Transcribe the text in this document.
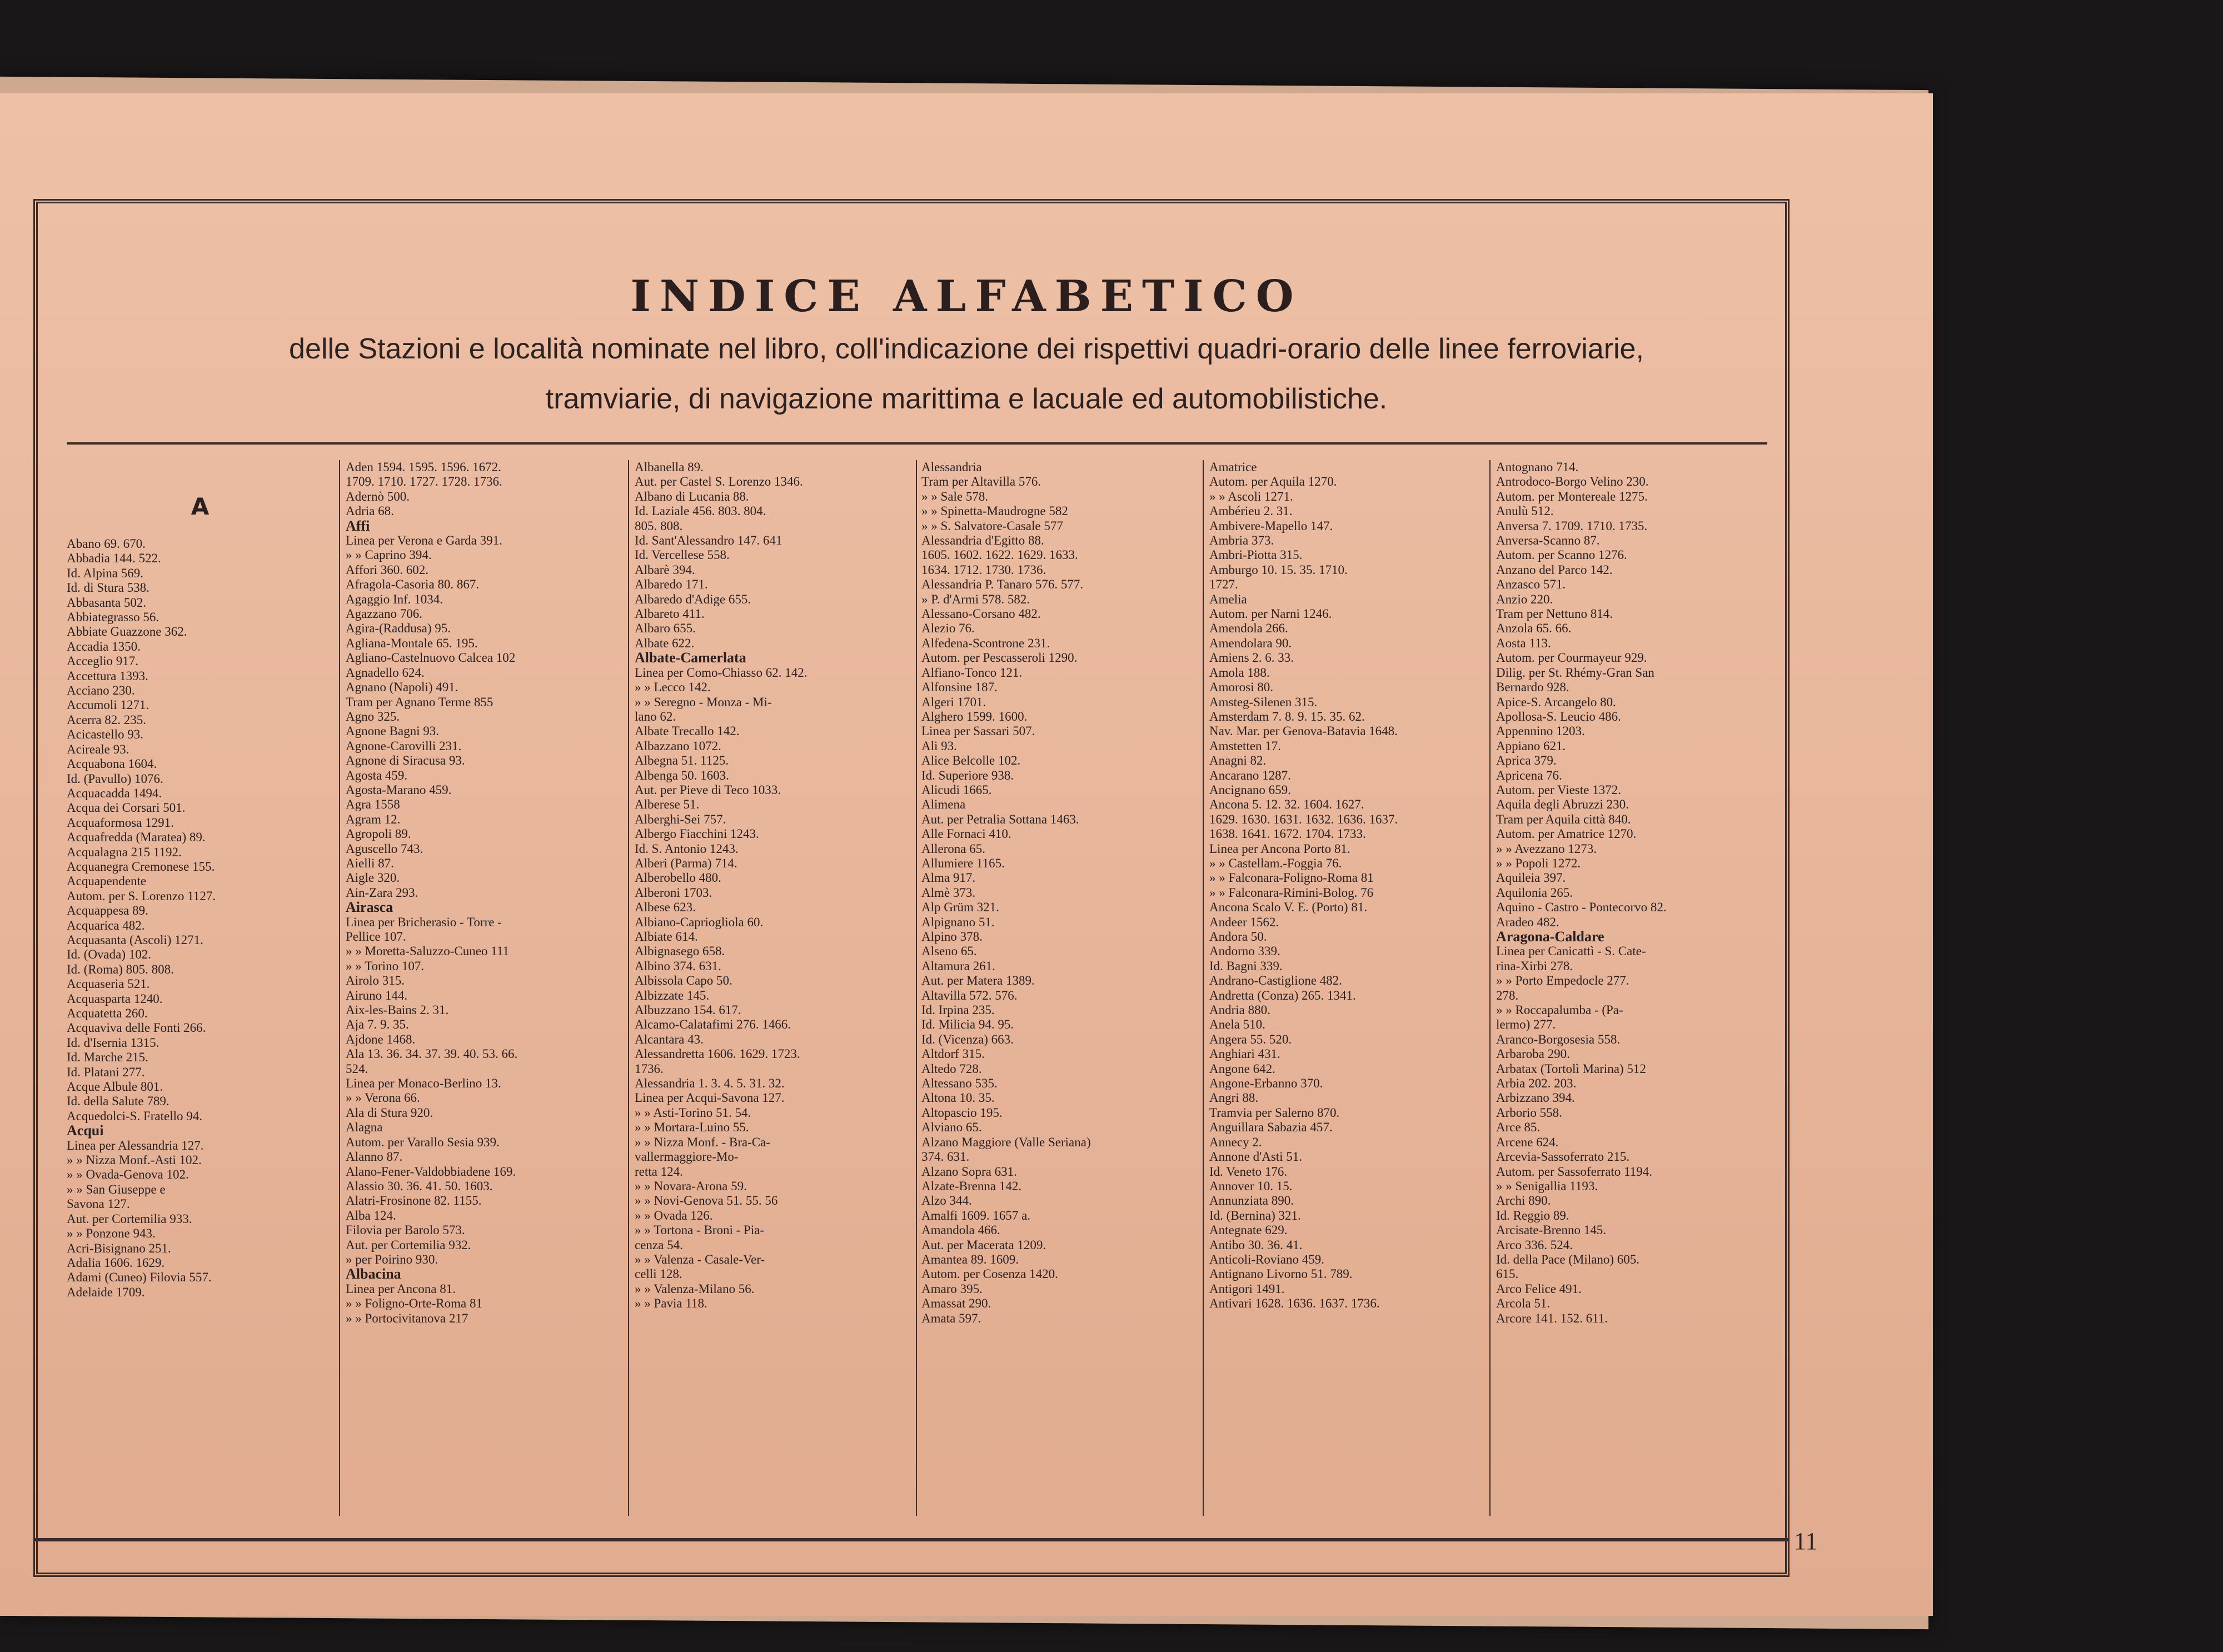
INDICE ALFABETICO
delle Stazioni e località nominate nel libro, coll'indicazione dei rispettivi quadri-orario delle linee ferroviarie,
tramviarie, di navigazione marittima e lacuale ed automobilistiche.
A
Abano 69. 670.
Abbadia 144. 522.
Id. Alpina 569.
Id. di Stura 538.
Abbasanta 502.
Abbiategrasso 56.
Abbiate Guazzone 362.
Accadia 1350.
Acceglio 917.
Accettura 1393.
Acciano 230.
Accumoli 1271.
Acerra 82. 235.
Acicastello 93.
Acireale 93.
Acquabona 1604.
Id. (Pavullo) 1076.
Acquacadda 1494.
Acqua dei Corsari 501.
Acquaformosa 1291.
Acquafredda (Maratea) 89.
Acqualagna 215 1192.
Acquanegra Cremonese 155.
Acquapendente
Autom. per S. Lorenzo 1127.
Acquappesa 89.
Acquarica 482.
Acquasanta (Ascoli) 1271.
Id. (Ovada) 102.
Id. (Roma) 805. 808.
Acquaseria 521.
Acquasparta 1240.
Acquatetta 260.
Acquaviva delle Fonti 266.
Id. d'Isernia 1315.
Id. Marche 215.
Id. Platani 277.
Acque Albule 801.
Id. della Salute 789.
Acquedolci-S. Fratello 94.
Acqui
Linea per Alessandria 127.
» » Nizza Monf.-Asti 102.
» » Ovada-Genova 102.
» » San Giuseppe e
Savona 127.
Aut. per Cortemilia 933.
» » Ponzone 943.
Acri-Bisignano 251.
Adalia 1606. 1629.
Adami (Cuneo) Filovia 557.
Adelaide 1709.
Aden 1594. 1595. 1596. 1672.
1709. 1710. 1727. 1728. 1736.
Adernò 500.
Adria 68.
Affi
Linea per Verona e Garda 391.
» » Caprino 394.
Affori 360. 602.
Afragola-Casoria 80. 867.
Agaggio Inf. 1034.
Agazzano 706.
Agira-(Raddusa) 95.
Agliana-Montale 65. 195.
Agliano-Castelnuovo Calcea 102
Agnadello 624.
Agnano (Napoli) 491.
Tram per Agnano Terme 855
Agno 325.
Agnone Bagni 93.
Agnone-Carovilli 231.
Agnone di Siracusa 93.
Agosta 459.
Agosta-Marano 459.
Agra 1558
Agram 12.
Agropoli 89.
Aguscello 743.
Aielli 87.
Aigle 320.
Ain-Zara 293.
Airasca
Linea per Bricherasio - Torre -
Pellice 107.
» » Moretta-Saluzzo-Cuneo 111
» » Torino 107.
Airolo 315.
Airuno 144.
Aix-les-Bains 2. 31.
Aja 7. 9. 35.
Ajdone 1468.
Ala 13. 36. 34. 37. 39. 40. 53. 66.
524.
Linea per Monaco-Berlino 13.
» » Verona 66.
Ala di Stura 920.
Alagna
Autom. per Varallo Sesia 939.
Alanno 87.
Alano-Fener-Valdobbiadene 169.
Alassio 30. 36. 41. 50. 1603.
Alatri-Frosinone 82. 1155.
Alba 124.
Filovia per Barolo 573.
Aut. per Cortemilia 932.
» per Poirino 930.
Albacina
Linea per Ancona 81.
» » Foligno-Orte-Roma 81
» » Portocivitanova 217
Albanella 89.
Aut. per Castel S. Lorenzo 1346.
Albano di Lucania 88.
Id. Laziale 456. 803. 804.
805. 808.
Id. Sant'Alessandro 147. 641
Id. Vercellese 558.
Albarè 394.
Albaredo 171.
Albaredo d'Adige 655.
Albareto 411.
Albaro 655.
Albate 622.
Albate-Camerlata
Linea per Como-Chiasso 62. 142.
» » Lecco 142.
» » Seregno - Monza - Mi-
lano 62.
Albate Trecallo 142.
Albazzano 1072.
Albegna 51. 1125.
Albenga 50. 1603.
Aut. per Pieve di Teco 1033.
Alberese 51.
Alberghi-Sei 757.
Albergo Fiacchini 1243.
Id. S. Antonio 1243.
Alberi (Parma) 714.
Alberobello 480.
Alberoni 1703.
Albese 623.
Albiano-Capriogliola 60.
Albiate 614.
Albignasego 658.
Albino 374. 631.
Albissola Capo 50.
Albizzate 145.
Albuzzano 154. 617.
Alcamo-Calatafimi 276. 1466.
Alcantara 43.
Alessandretta 1606. 1629. 1723.
1736.
Alessandria 1. 3. 4. 5. 31. 32.
Linea per Acqui-Savona 127.
» » Asti-Torino 51. 54.
» » Mortara-Luino 55.
» » Nizza Monf. - Bra-Ca-
vallermaggiore-Mo-
retta 124.
» » Novara-Arona 59.
» » Novi-Genova 51. 55. 56
» » Ovada 126.
» » Tortona - Broni - Pia-
cenza 54.
» » Valenza - Casale-Ver-
celli 128.
» » Valenza-Milano 56.
» » Pavia 118.
Alessandria
Tram per Altavilla 576.
» » Sale 578.
» » Spinetta-Maudrogne 582
» » S. Salvatore-Casale 577
Alessandria d'Egitto 88.
1605. 1602. 1622. 1629. 1633.
1634. 1712. 1730. 1736.
Alessandria P. Tanaro 576. 577.
» P. d'Armi 578. 582.
Alessano-Corsano 482.
Alezio 76.
Alfedena-Scontrone 231.
Autom. per Pescasseroli 1290.
Alfiano-Tonco 121.
Alfonsine 187.
Algeri 1701.
Alghero 1599. 1600.
Linea per Sassari 507.
Ali 93.
Alice Belcolle 102.
Id. Superiore 938.
Alicudi 1665.
Alimena
Aut. per Petralia Sottana 1463.
Alle Fornaci 410.
Allerona 65.
Allumiere 1165.
Alma 917.
Almè 373.
Alp Grüm 321.
Alpignano 51.
Alpino 378.
Alseno 65.
Altamura 261.
Aut. per Matera 1389.
Altavilla 572. 576.
Id. Irpina 235.
Id. Milicia 94. 95.
Id. (Vicenza) 663.
Altdorf 315.
Altedo 728.
Altessano 535.
Altona 10. 35.
Altopascio 195.
Alviano 65.
Alzano Maggiore (Valle Seriana)
374. 631.
Alzano Sopra 631.
Alzate-Brenna 142.
Alzo 344.
Amalfi 1609. 1657 a.
Amandola 466.
Aut. per Macerata 1209.
Amantea 89. 1609.
Autom. per Cosenza 1420.
Amaro 395.
Amassat 290.
Amata 597.
Amatrice
Autom. per Aquila 1270.
» » Ascoli 1271.
Ambérieu 2. 31.
Ambivere-Mapello 147.
Ambria 373.
Ambri-Piotta 315.
Amburgo 10. 15. 35. 1710.
1727.
Amelia
Autom. per Narni 1246.
Amendola 266.
Amendolara 90.
Amiens 2. 6. 33.
Amola 188.
Amorosi 80.
Amsteg-Silenen 315.
Amsterdam 7. 8. 9. 15. 35. 62.
Nav. Mar. per Genova-Batavia 1648.
Amstetten 17.
Anagni 82.
Ancarano 1287.
Ancignano 659.
Ancona 5. 12. 32. 1604. 1627.
1629. 1630. 1631. 1632. 1636. 1637.
1638. 1641. 1672. 1704. 1733.
Linea per Ancona Porto 81.
» » Castellam.-Foggia 76.
» » Falconara-Foligno-Roma 81
» » Falconara-Rimini-Bolog. 76
Ancona Scalo V. E. (Porto) 81.
Andeer 1562.
Andora 50.
Andorno 339.
Id. Bagni 339.
Andrano-Castiglione 482.
Andretta (Conza) 265. 1341.
Andria 880.
Anela 510.
Angera 55. 520.
Anghiari 431.
Angone 642.
Angone-Erbanno 370.
Angri 88.
Tramvia per Salerno 870.
Anguillara Sabazia 457.
Annecy 2.
Annone d'Asti 51.
Id. Veneto 176.
Annover 10. 15.
Annunziata 890.
Id. (Bernina) 321.
Antegnate 629.
Antibo 30. 36. 41.
Anticoli-Roviano 459.
Antignano Livorno 51. 789.
Antigori 1491.
Antivari 1628. 1636. 1637. 1736.
Antognano 714.
Antrodoco-Borgo Velino 230.
Autom. per Montereale 1275.
Anulù 512.
Anversa 7. 1709. 1710. 1735.
Anversa-Scanno 87.
Autom. per Scanno 1276.
Anzano del Parco 142.
Anzasco 571.
Anzio 220.
Tram per Nettuno 814.
Anzola 65. 66.
Aosta 113.
Autom. per Courmayeur 929.
Dilig. per St. Rhémy-Gran San
Bernardo 928.
Apice-S. Arcangelo 80.
Apollosa-S. Leucio 486.
Appennino 1203.
Appiano 621.
Aprica 379.
Apricena 76.
Autom. per Vieste 1372.
Aquila degli Abruzzi 230.
Tram per Aquila città 840.
Autom. per Amatrice 1270.
» » Avezzano 1273.
» » Popoli 1272.
Aquileia 397.
Aquilonia 265.
Aquino - Castro - Pontecorvo 82.
Aradeo 482.
Aragona-Caldare
Linea per Canicattì - S. Cate-
rina-Xirbi 278.
» » Porto Empedocle 277.
278.
» » Roccapalumba - (Pa-
lermo) 277.
Aranco-Borgosesia 558.
Arbaroba 290.
Arbatax (Tortolì Marina) 512
Arbia 202. 203.
Arbizzano 394.
Arborio 558.
Arce 85.
Arcene 624.
Arcevia-Sassoferrato 215.
Autom. per Sassoferrato 1194.
» » Senigallia 1193.
Archi 890.
Id. Reggio 89.
Arcisate-Brenno 145.
Arco 336. 524.
Id. della Pace (Milano) 605.
615.
Arco Felice 491.
Arcola 51.
Arcore 141. 152. 611.
11
